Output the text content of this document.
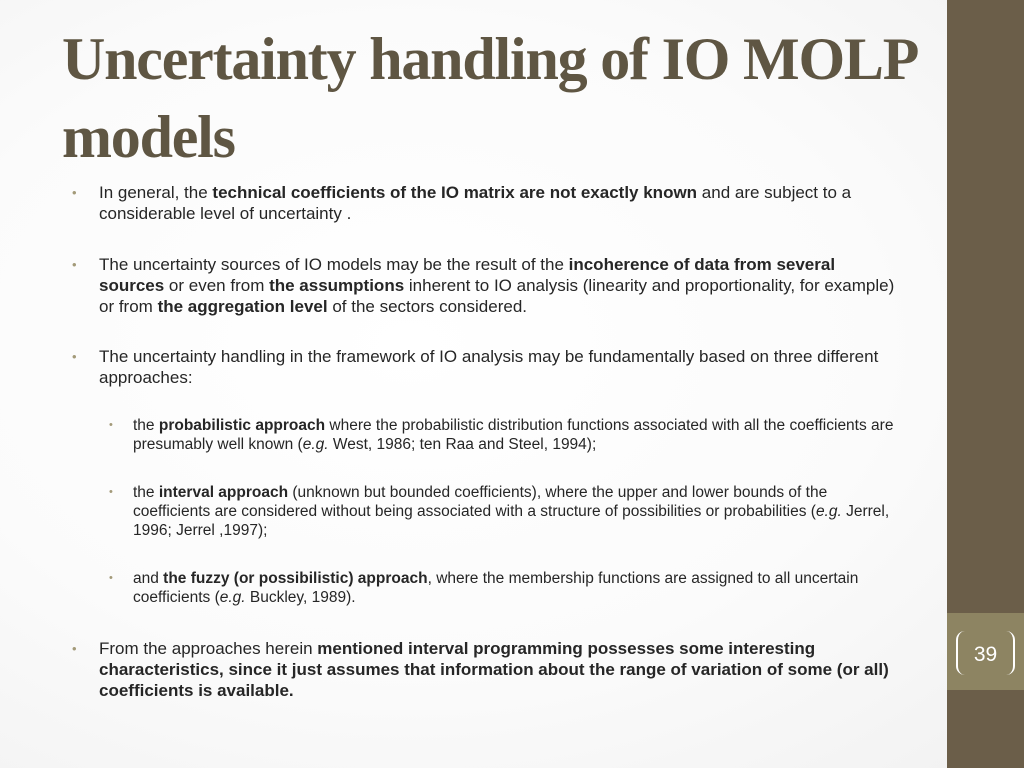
39
Uncertainty handling of IO MOLP models
• In general, the technical coefficients of the IO matrix are not exactly known and are subject to a considerable level of uncertainty .
• The uncertainty sources of IO models may be the result of the incoherence of data from several sources or even from the assumptions inherent to IO analysis (linearity and proportionality, for example) or from the aggregation level of the sectors considered.
• The uncertainty handling in the framework of IO analysis may be fundamentally based on three different approaches:
• the probabilistic approach where the probabilistic distribution functions associated with all the coefficients are presumably well known (e.g. West, 1986; ten Raa and Steel, 1994);
• the interval approach (unknown but bounded coefficients), where the upper and lower bounds of the coefficients are considered without being associated with a structure of possibilities or probabilities (e.g. Jerrel, 1996; Jerrel ,1997);
• and the fuzzy (or possibilistic) approach, where the membership functions are assigned to all uncertain coefficients (e.g. Buckley, 1989).
• From the approaches herein mentioned interval programming possesses some interesting characteristics, since it just assumes that information about the range of variation of some (or all) coefficients is available.
